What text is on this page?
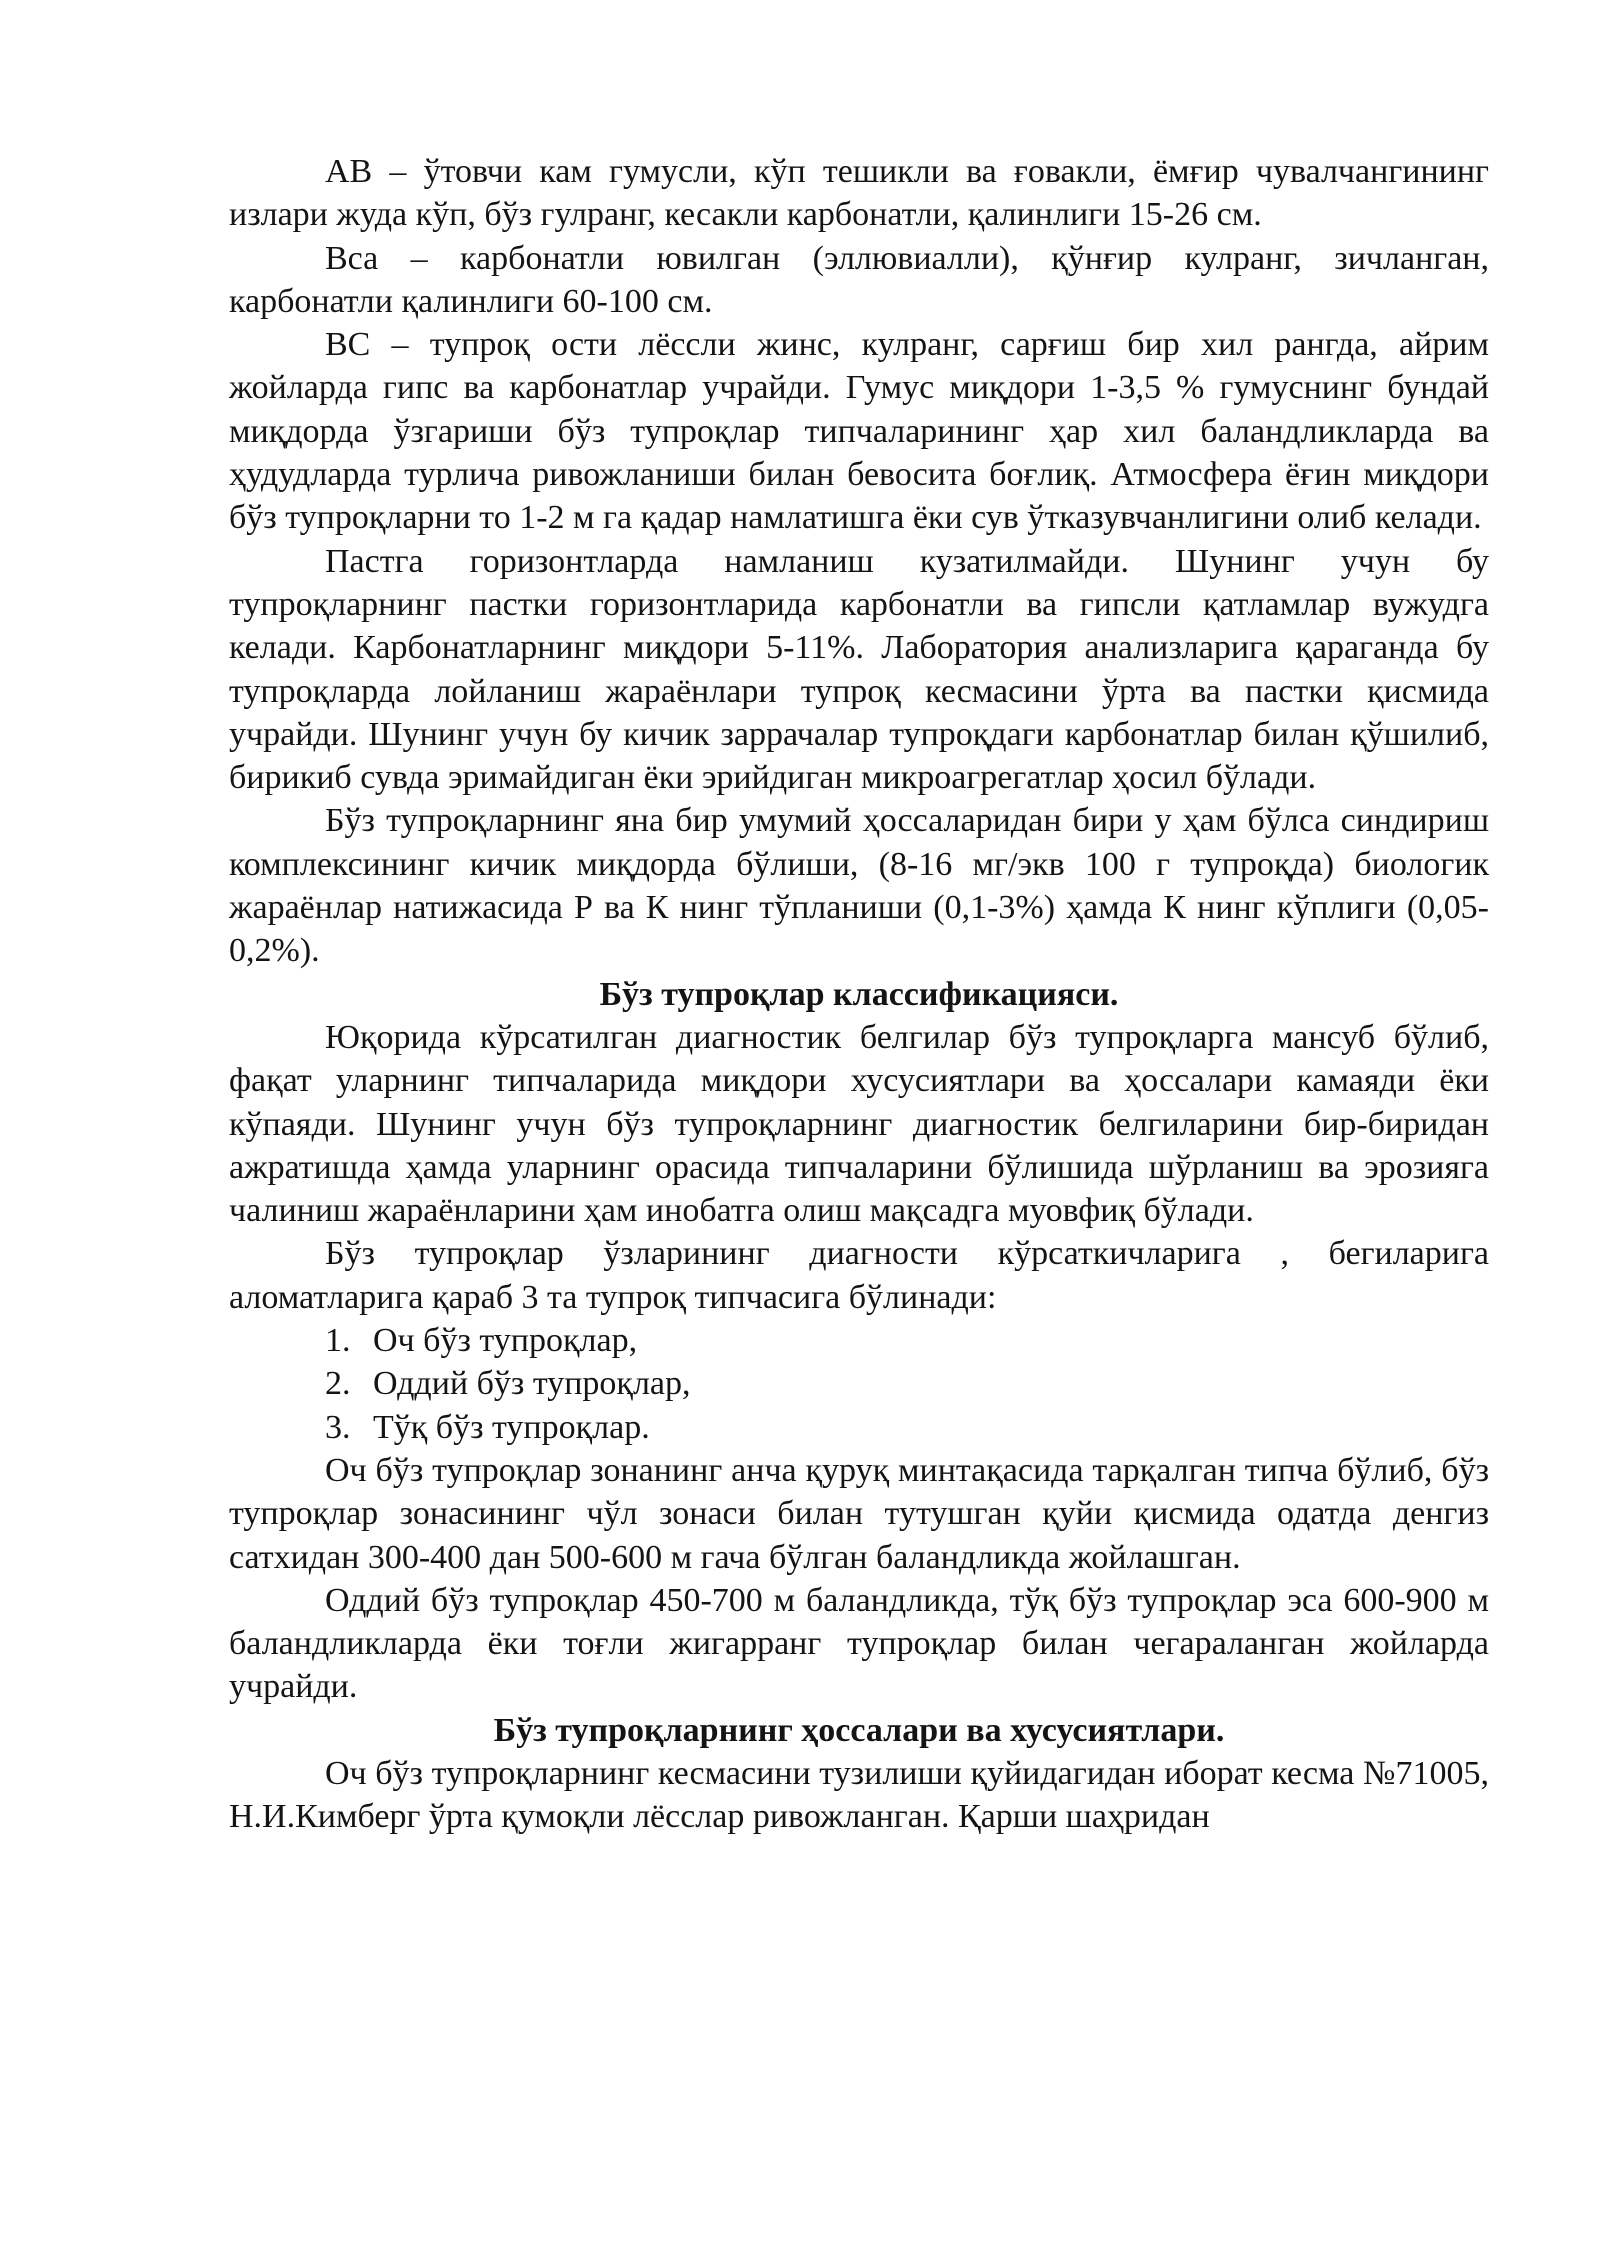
АВ – ўтовчи кам гумусли, кўп тешикли ва ғовакли, ёмғир чувалчангининг излари жуда кўп, бўз гулранг, кесакли карбонатли, қалинлиги 15-26 см.

Вса – карбонатли ювилган (эллювиалли), қўнғир кулранг, зичланган, карбонатли қалинлиги 60-100 см.

ВС – тупроқ ости лёссли жинс, кулранг, сарғиш бир хил рангда, айрим жойларда гипс ва карбонатлар учрайди. Гумус миқдори 1-3,5 % гумуснинг бундай миқдорда ўзгариши бўз тупроқлар типчаларининг ҳар хил баландликларда ва ҳудудларда турлича ривожланиши билан бевосита боғлиқ. Атмосфера ёғин миқдори бўз тупроқларни то 1-2 м га қадар намлатишга ёки сув ўтказувчанлигини олиб келади.

Пастга горизонтларда намланиш кузатилмайди. Шунинг учун бу тупроқларнинг пастки горизонтларида карбонатли ва гипсли қатламлар вужудга келади. Карбонатларнинг миқдори 5-11%. Лаборатория анализларига қараганда бу тупроқларда лойланиш жараёнлари тупроқ кесмасини ўрта ва пастки қисмида учрайди. Шунинг учун бу кичик заррачалар тупроқдаги карбонатлар билан қўшилиб, бирикиб сувда эримайдиган ёки эрийдиган микроагрегатлар ҳосил бўлади.

Бўз тупроқларнинг яна бир умумий ҳоссаларидан бири у ҳам бўлса синдириш комплексининг кичик миқдорда бўлиши, (8-16 мг/экв 100 г тупроқда) биологик жараёнлар натижасида Р ва К нинг тўпланиши (0,1-3%) ҳамда К нинг кўплиги (0,05-0,2%).

Бўз тупроқлар классификацияси.

Юқорида кўрсатилган диагностик белгилар бўз тупроқларга мансуб бўлиб, фақат уларнинг типчаларида миқдори хусусиятлари ва ҳоссалари камаяди ёки кўпаяди. Шунинг учун бўз тупроқларнинг диагностик белгиларини бир-биридан ажратишда ҳамда уларнинг орасида типчаларини бўлишида шўрланиш ва эрозияга чалиниш жараёнларини ҳам инобатга олиш мақсадга муовфиқ бўлади.

Бўз тупроқлар ўзларининг диагности кўрсаткичларига , бегиларига аломатларига қараб 3 та тупроқ типчасига бўлинади:

1. Оч бўз тупроқлар,
2. Оддий бўз тупроқлар,
3. Тўқ бўз тупроқлар.

Оч бўз тупроқлар зонанинг анча қуруқ минтақасида тарқалган типча бўлиб, бўз тупроқлар зонасининг чўл зонаси билан тутушган қуйи қисмида одатда денгиз сатхидан 300-400 дан 500-600 м гача бўлган баландликда жойлашган.

Оддий бўз тупроқлар 450-700 м баландликда, тўқ бўз тупроқлар эса 600-900 м баландликларда ёки тоғли жигарранг тупроқлар билан чегараланган жойларда учрайди.

Бўз тупроқларнинг ҳоссалари ва хусусиятлари.

Оч бўз тупроқларнинг кесмасини тузилиши қуйидагидан иборат кесма №71005, Н.И.Кимберг ўрта қумоқли лёсслар ривожланган. Қарши шаҳридан
